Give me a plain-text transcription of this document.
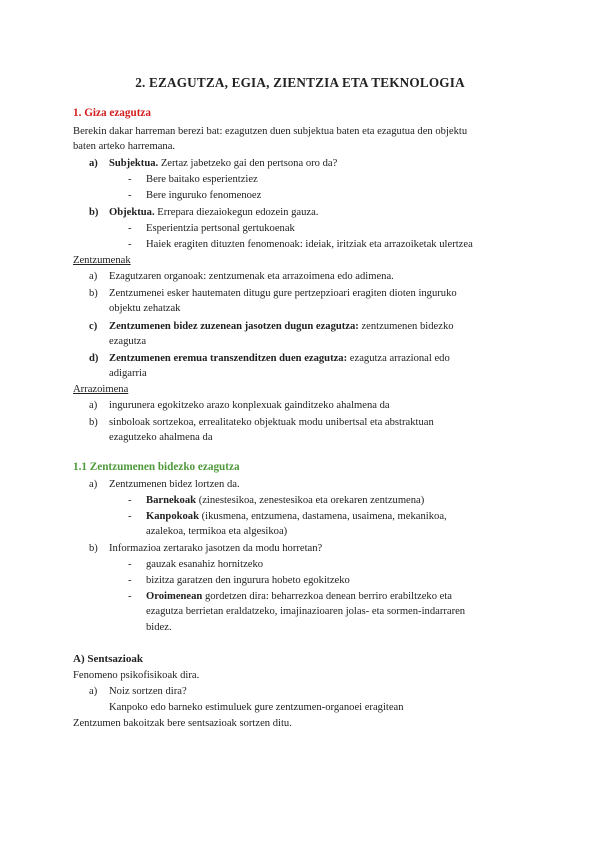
2. EZAGUTZA, EGIA, ZIENTZIA ETA TEKNOLOGIA
1. Giza ezagutza
Berekin dakar harreman berezi bat: ezagutzen duen subjektua baten eta ezagutua den objektu
baten arteko harremana.
a) Subjektua. Zertaz jabetzeko gai den pertsona oro da?
- Bere baitako esperientziez
- Bere inguruko fenomenoez
b) Objektua. Errepara diezaiokegun edozein gauza.
- Esperientzia pertsonal gertukoenak
- Haiek eragiten dituzten fenomenoak: ideiak, iritziak eta arrazoiketak ulertzea
Zentzumenak
a) Ezagutzaren organoak: zentzumenak eta arrazoimena edo adimena.
b) Zentzumenei esker hautematen ditugu gure pertzepzioari eragiten dioten inguruko
objektu zehatzak
c) Zentzumenen bidez zuzenean jasotzen dugun ezagutza: zentzumenen bidezko
ezagutza
d) Zentzumenen eremua transzenditzen duen ezagutza: ezagutza arrazional edo
adigarria
Arrazoimena
a) ingurunera egokitzeko arazo konplexuak gainditzeko ahalmena da
b) sinboloak sortzekoa, errealitateko objektuak modu unibertsal eta abstraktuan
ezagutzeko ahalmena da
1.1 Zentzumenen bidezko ezagutza
a) Zentzumenen bidez lortzen da.
- Barnekoak (zinestesikoa, zenestesikoa eta orekaren zentzumena)
- Kanpokoak (ikusmena, entzumena, dastamena, usaimena, mekanikoa,
azalekoa, termikoa eta algesikoa)
b) Informazioa zertarako jasotzen da modu horretan?
- gauzak esanahiz hornitzeko
- bizitza garatzen den ingurura hobeto egokitzeko
- Oroimenean gordetzen dira: beharrezkoa denean berriro erabiltzeko eta
ezagutza berrietan eraldatzeko, imajinazioaren jolas- eta sormen-indarraren
bidez.
A) Sentsazioak
Fenomeno psikofisikoak dira.
a) Noiz sortzen dira?
Kanpoko edo barneko estimuluek gure zentzumen-organoei eragitean
Zentzumen bakoitzak bere sentsazioak sortzen ditu.
